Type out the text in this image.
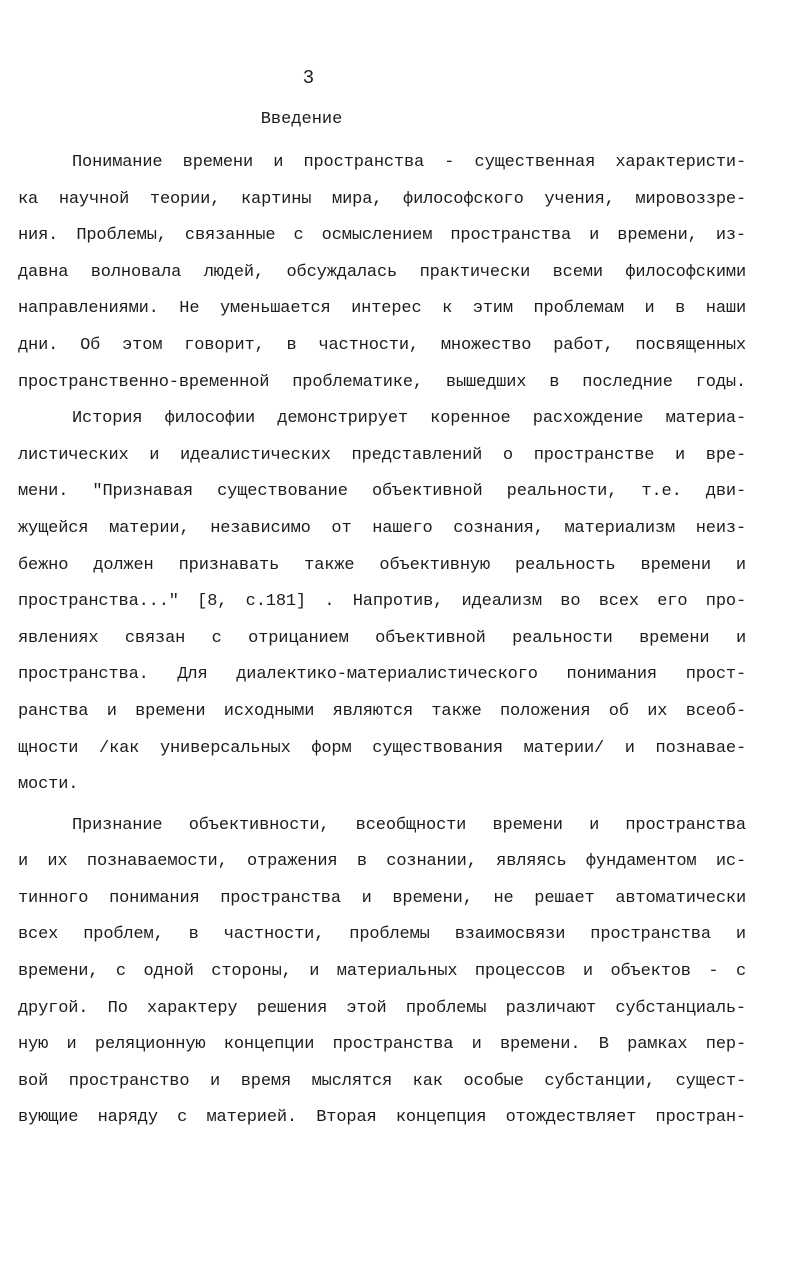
3
Введение
Понимание времени и пространства - существенная характеристи-
ка научной теории, картины мира, философского учения, мировоззре-
ния. Проблемы, связанные с осмыслением пространства и времени, из-
давна волновала людей, обсуждалась практически всеми философскими
направлениями. Не уменьшается интерес к этим проблемам и в наши
дни. Об этом говорит, в частности, множество работ, посвященных
пространственно-временной проблематике, вышедших в последние годы.
История философии демонстрирует коренное расхождение материа-
листических и идеалистических представлений о пространстве и вре-
мени. "Признавая существование объективной реальности, т.е. дви-
жущейся материи, независимо от нашего сознания, материализм неиз-
бежно должен признавать также объективную реальность времени и
пространства..." [8, с.181] . Напротив, идеализм во всех его про-
явлениях связан с отрицанием объективной реальности времени и
пространства. Для диалектико-материалистического понимания прост-
ранства и времени исходными являются также положения об их всеоб-
щности /как универсальных форм существования материи/ и познавае-
мости.
Признание объективности, всеобщности времени и пространства
и их познаваемости, отражения в сознании, являясь фундаментом ис-
тинного понимания пространства и времени, не решает автоматически
всех проблем, в частности, проблемы взаимосвязи пространства и
времени, с одной стороны, и материальных процессов и объектов - с
другой. По характеру решения этой проблемы различают субстанциаль-
ную и реляционную концепции пространства и времени. В рамках пер-
вой пространство и время мыслятся как особые субстанции, сущест-
вующие наряду с материей. Вторая концепция отождествляет простран-
